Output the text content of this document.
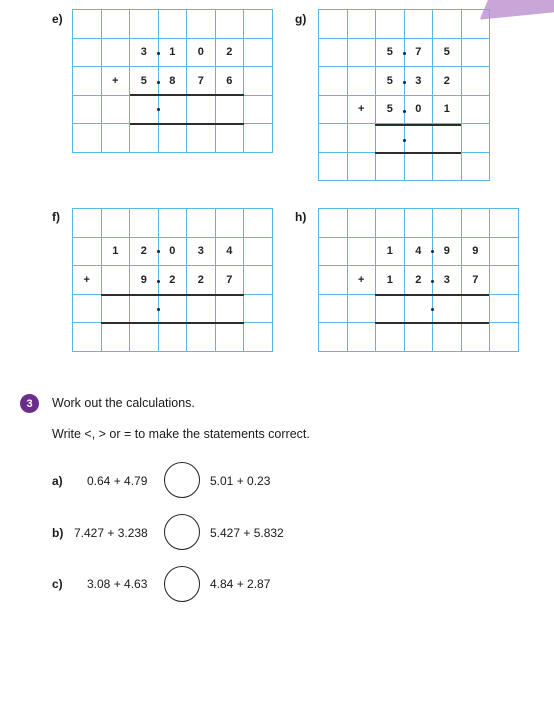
e)

		3	1	0	2	
	+	5	8	7	6	

g)

		5	7	5	
		5	3	2	
	+	5	0	1	

f)

	1	2	0	3	4	
+		9	2	2	7	

h)

		1	4	9	9	
	+	1	2	3	7	

3	Work out the calculations.
Write <, > or = to make the statements correct.
a) 0.64 + 4.79	5.01 + 0.23
b) 7.427 + 3.238	5.427 + 5.832
c) 3.08 + 4.63	4.84 + 2.87
